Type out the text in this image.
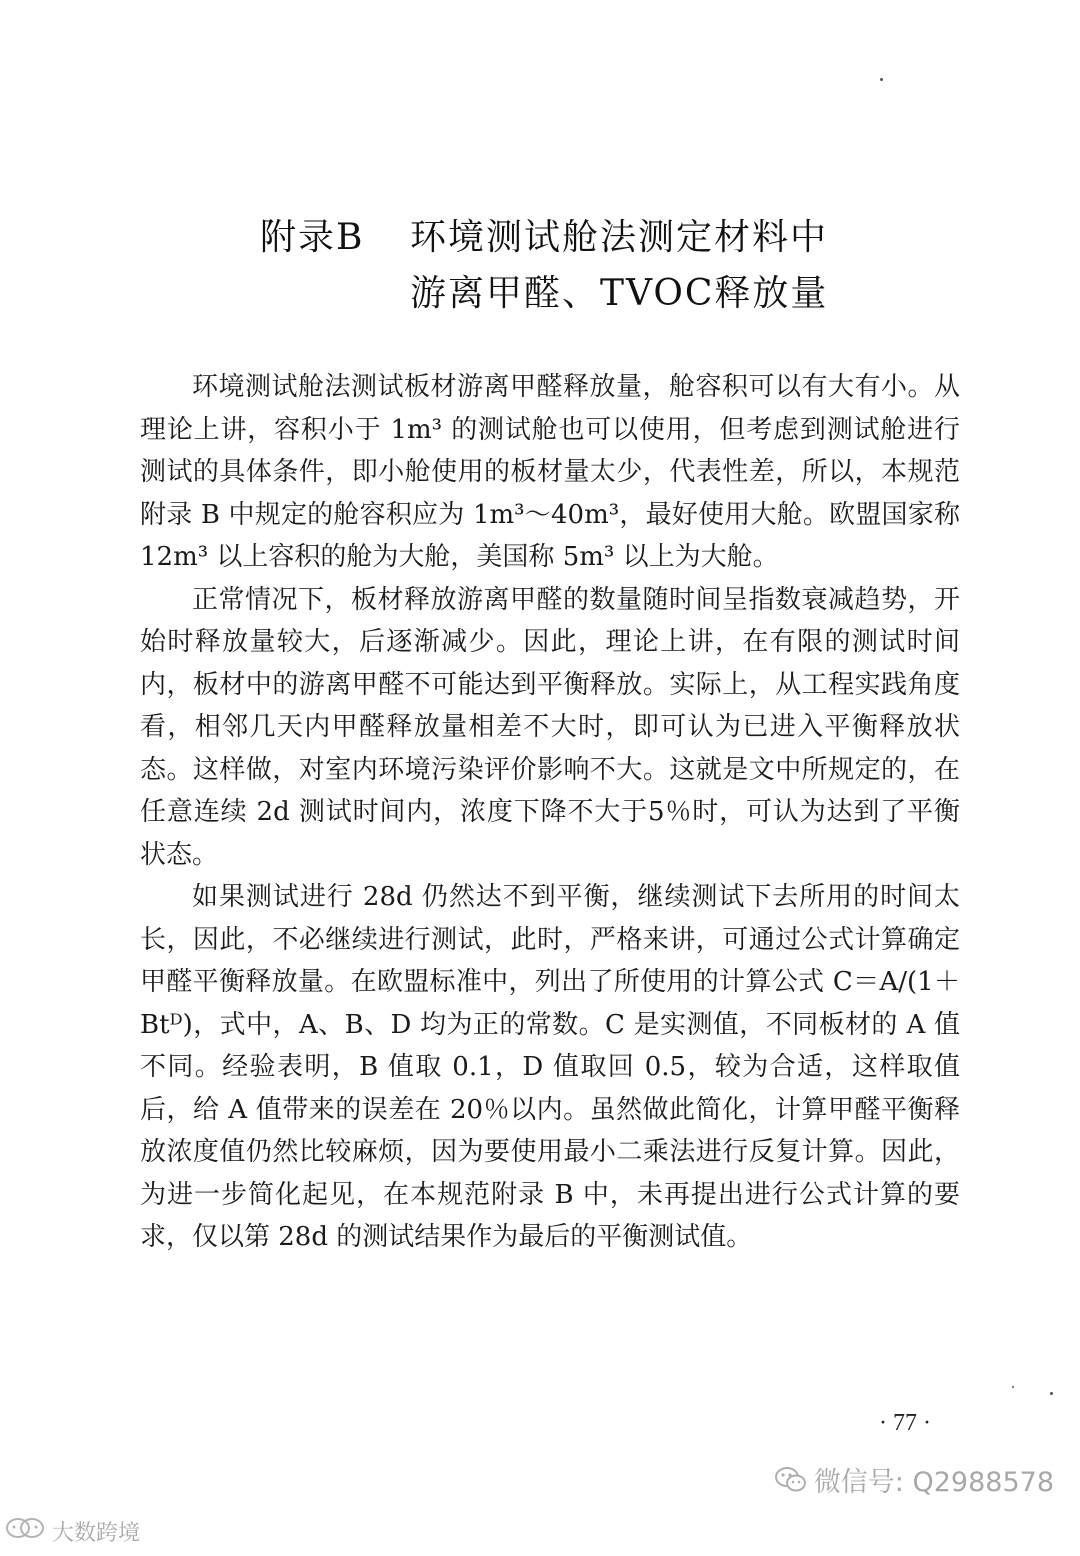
附录B 环境测试舱法测定材料中
游离甲醛、TVOC释放量

环境测试舱法测试板材游离甲醛释放量，舱容积可以有大有小。从理论上讲，容积小于 1m³ 的测试舱也可以使用，但考虑到测试舱进行测试的具体条件，即小舱使用的板材量太少，代表性差，所以，本规范附录 B 中规定的舱容积应为 1m³～40m³，最好使用大舱。欧盟国家称 12m³ 以上容积的舱为大舱，美国称 5m³ 以上为大舱。

正常情况下，板材释放游离甲醛的数量随时间呈指数衰减趋势，开始时释放量较大，后逐渐减少。因此，理论上讲，在有限的测试时间内，板材中的游离甲醛不可能达到平衡释放。实际上，从工程实践角度看，相邻几天内甲醛释放量相差不大时，即可认为已进入平衡释放状态。这样做，对室内环境污染评价影响不大。这就是文中所规定的，在任意连续 2d 测试时间内，浓度下降不大于5％时，可认为达到了平衡状态。

如果测试进行 28d 仍然达不到平衡，继续测试下去所用的时间太长，因此，不必继续进行测试，此时，严格来讲，可通过公式计算确定甲醛平衡释放量。在欧盟标准中，列出了所使用的计算公式 C＝A/(1＋Btᴰ)，式中，A、B、D 均为正的常数。C 是实测值，不同板材的 A 值不同。经验表明，B 值取 0.1，D 值取回 0.5，较为合适，这样取值后，给 A 值带来的误差在 20％以内。虽然做此简化，计算甲醛平衡释放浓度值仍然比较麻烦，因为要使用最小二乘法进行反复计算。因此，为进一步简化起见，在本规范附录 B 中，未再提出进行公式计算的要求，仅以第 28d 的测试结果作为最后的平衡测试值。

· 77 ·
微信号: Q2988578
大数跨境
